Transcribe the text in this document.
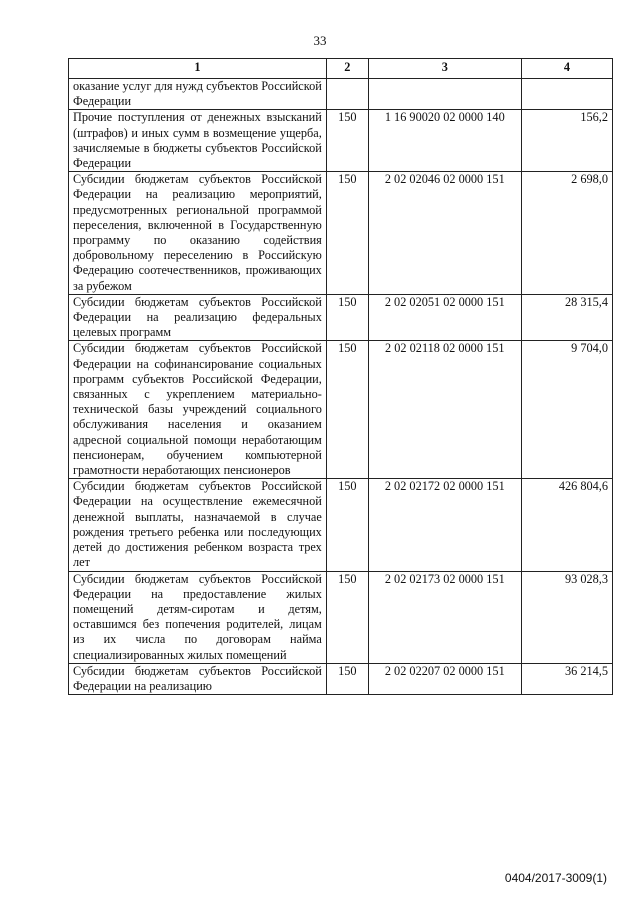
33
1	2	3	4
оказание услуг для нужд субъектов Российской Федерации			
Прочие поступления от денежных взысканий (штрафов) и иных сумм в возмещение ущерба, зачисляемые в бюджеты субъектов Российской Федерации	150	1 16 90020 02 0000 140	156,2
Субсидии бюджетам субъектов Российской Федерации на реализацию мероприятий, предусмотренных региональной программой переселения, включенной в Государственную программу по оказанию содействия добровольному переселению в Российскую Федерацию соотечественников, проживающих за рубежом	150	2 02 02046 02 0000 151	2 698,0
Субсидии бюджетам субъектов Российской Федерации на реализацию федеральных целевых программ	150	2 02 02051 02 0000 151	28 315,4
Субсидии бюджетам субъектов Российской Федерации на софинансирование социальных программ субъектов Российской Федерации, связанных с укреплением материально-технической базы учреждений социального обслуживания населения и оказанием адресной социальной помощи неработающим пенсионерам, обучением компьютерной грамотности неработающих пенсионеров	150	2 02 02118 02 0000 151	9 704,0
Субсидии бюджетам субъектов Российской Федерации на осуществление ежемесячной денежной выплаты, назначаемой в случае рождения третьего ребенка или последующих детей до достижения ребенком возраста трех лет	150	2 02 02172 02 0000 151	426 804,6
Субсидии бюджетам субъектов Российской Федерации на предоставление жилых помещений детям-сиротам и детям, оставшимся без попечения родителей, лицам из их числа по договорам найма специализированных жилых помещений	150	2 02 02173 02 0000 151	93 028,3
Субсидии бюджетам субъектов Российской Федерации на реализацию	150	2 02 02207 02 0000 151	36 214,5
0404/2017-3009(1)
